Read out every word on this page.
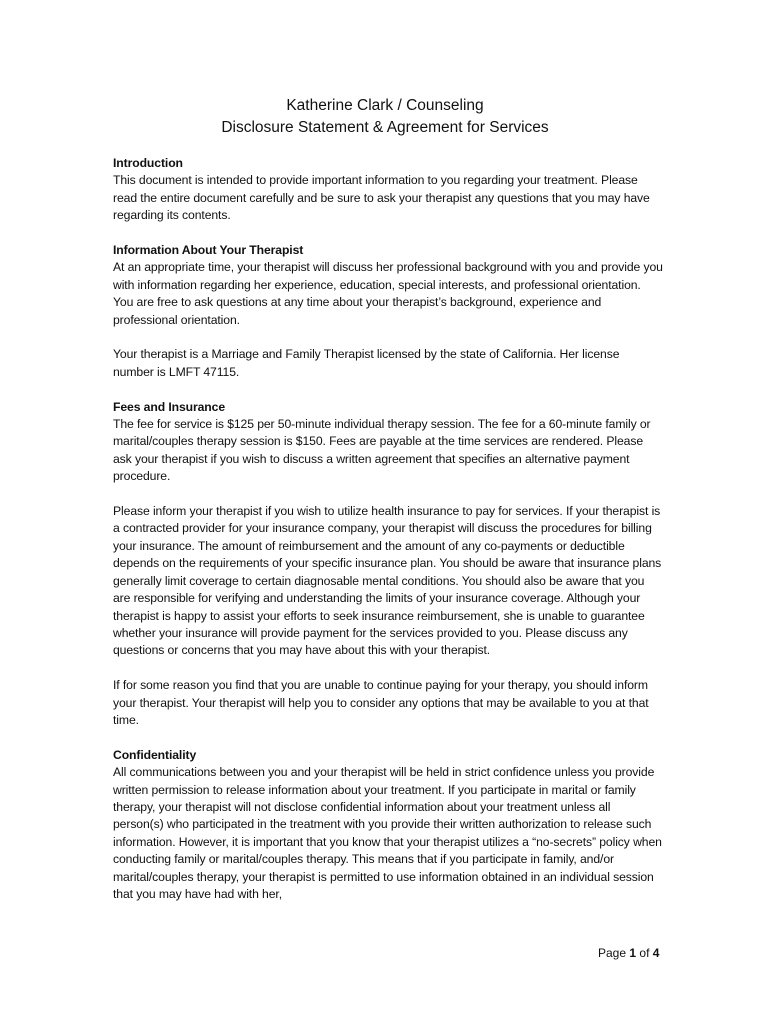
Katherine Clark / Counseling
Disclosure Statement & Agreement for Services

Introduction

This document is intended to provide important information to you regarding your treatment. Please read the entire document carefully and be sure to ask your therapist any questions that you may have regarding its contents.

Information About Your Therapist

At an appropriate time, your therapist will discuss her professional background with you and provide you with information regarding her experience, education, special interests, and professional orientation. You are free to ask questions at any time about your therapist’s background, experience and professional orientation.

Your therapist is a Marriage and Family Therapist licensed by the state of California. Her license number is LMFT 47115.

Fees and Insurance

The fee for service is $125 per 50-minute individual therapy session. The fee for a 60-minute family or marital/couples therapy session is $150. Fees are payable at the time services are rendered. Please ask your therapist if you wish to discuss a written agreement that specifies an alternative payment procedure.

Please inform your therapist if you wish to utilize health insurance to pay for services. If your therapist is a contracted provider for your insurance company, your therapist will discuss the procedures for billing your insurance. The amount of reimbursement and the amount of any co-payments or deductible depends on the requirements of your specific insurance plan. You should be aware that insurance plans generally limit coverage to certain diagnosable mental conditions. You should also be aware that you are responsible for verifying and understanding the limits of your insurance coverage. Although your therapist is happy to assist your efforts to seek insurance reimbursement, she is unable to guarantee whether your insurance will provide payment for the services provided to you. Please discuss any questions or concerns that you may have about this with your therapist.

If for some reason you find that you are unable to continue paying for your therapy, you should inform your therapist. Your therapist will help you to consider any options that may be available to you at that time.

Confidentiality

All communications between you and your therapist will be held in strict confidence unless you provide written permission to release information about your treatment. If you participate in marital or family therapy, your therapist will not disclose confidential information about your treatment unless all person(s) who participated in the treatment with you provide their written authorization to release such information. However, it is important that you know that your therapist utilizes a “no-secrets” policy when conducting family or marital/couples therapy. This means that if you participate in family, and/or marital/couples therapy, your therapist is permitted to use information obtained in an individual session that you may have had with her,

Page 1 of 4
